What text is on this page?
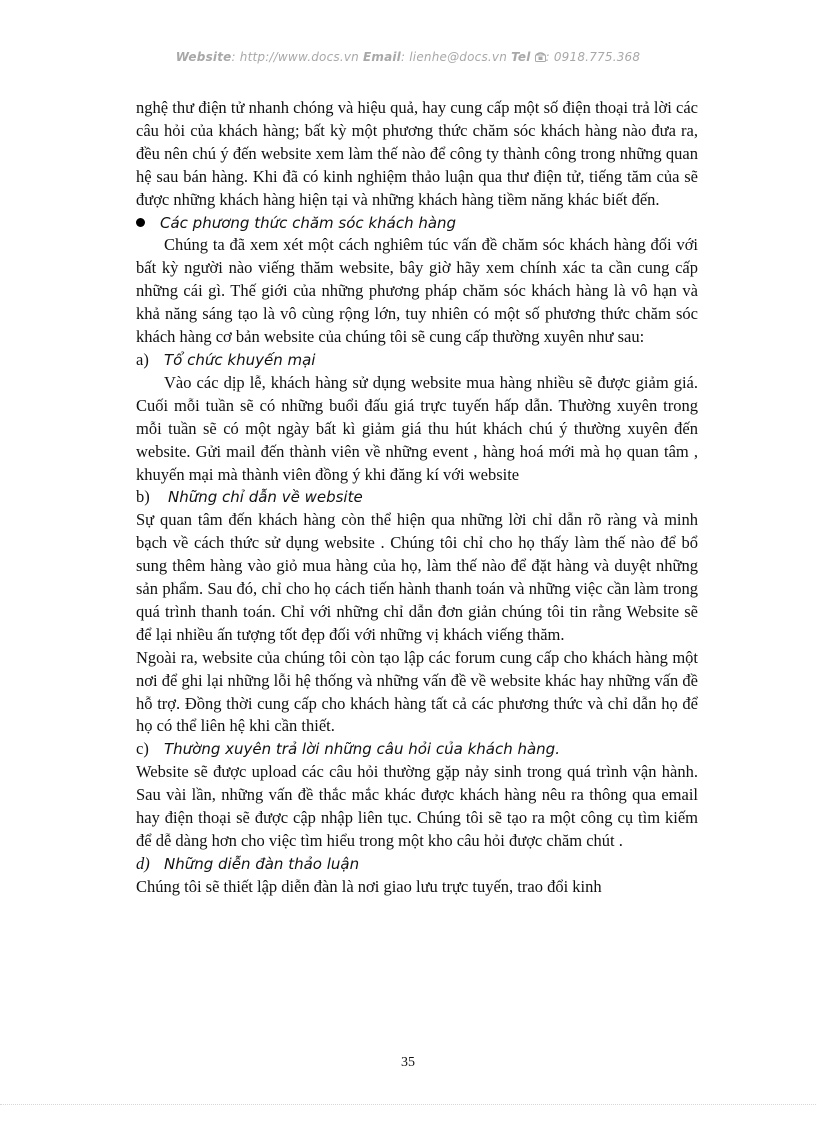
Website: http://www.docs.vn Email: lienhe@docs.vn Tel : 0918.775.368

nghệ thư điện tử nhanh chóng và hiệu quả, hay cung cấp một số điện thoại trả lời các câu hỏi của khách hàng; bất kỳ một phương thức chăm sóc khách hàng nào đưa ra, đều nên chú ý đến website xem làm thế nào để công ty thành công trong những quan hệ sau bán hàng. Khi đã có kinh nghiệm thảo luận qua thư điện tử, tiếng tăm của sẽ được những khách hàng hiện tại và những khách hàng tiềm năng khác biết đến.

Các phương thức chăm sóc khách hàng

Chúng ta đã xem xét một cách nghiêm túc vấn đề chăm sóc khách hàng đối với bất kỳ người nào viếng thăm website, bây giờ hãy xem chính xác ta cần cung cấp những cái gì. Thế giới của những phương pháp chăm sóc khách hàng là vô hạn và khả năng sáng tạo là vô cùng rộng lớn, tuy nhiên có một số phương thức chăm sóc khách hàng cơ bản website của chúng tôi sẽ cung cấp thường xuyên như sau:

a)	Tổ chức khuyến mại

Vào các dịp lễ, khách hàng sử dụng website mua hàng nhiều sẽ được giảm giá. Cuối mỗi tuần sẽ có những buổi đấu giá trực tuyến hấp dẫn. Thường xuyên trong mỗi tuần sẽ có một ngày bất kì giảm giá thu hút khách chú ý thường xuyên đến website. Gửi mail đến thành viên về những event , hàng hoá mới mà họ quan tâm , khuyến mại mà thành viên đồng ý khi đăng kí với website

b)	Những chỉ dẫn về website

Sự quan tâm đến khách hàng còn thể hiện qua những lời chỉ dẫn rõ ràng và minh bạch về cách thức sử dụng website . Chúng tôi chỉ cho họ thấy làm thế nào để bổ sung thêm hàng vào giỏ mua hàng của họ, làm thế nào để đặt hàng và duyệt những sản phẩm. Sau đó, chỉ cho họ cách tiến hành thanh toán và những việc cần làm trong quá trình thanh toán. Chỉ với những chỉ dẫn đơn giản chúng tôi tin rằng Website sẽ để lại nhiều ấn tượng tốt đẹp đối với những vị khách viếng thăm.

Ngoài ra, website của chúng tôi còn tạo lập các forum cung cấp cho khách hàng một nơi để ghi lại những lỗi hệ thống và những vấn đề về website khác hay những vấn đề hỗ trợ. Đồng thời cung cấp cho khách hàng tất cả các phương thức và chỉ dẫn họ để họ có thể liên hệ khi cần thiết.

c)	Thường xuyên trả lời những câu hỏi của khách hàng.

Website sẽ được upload các câu hỏi thường gặp nảy sinh trong quá trình vận hành. Sau vài lần, những vấn đề thắc mắc khác được khách hàng nêu ra thông qua email hay điện thoại sẽ được cập nhập liên tục. Chúng tôi sẽ tạo ra một công cụ tìm kiếm để dễ dàng hơn cho việc tìm hiểu trong một kho câu hỏi được chăm chút .

d) Những diễn đàn thảo luận

Chúng tôi sẽ thiết lập diễn đàn là nơi giao lưu trực tuyến, trao đổi kinh

35
